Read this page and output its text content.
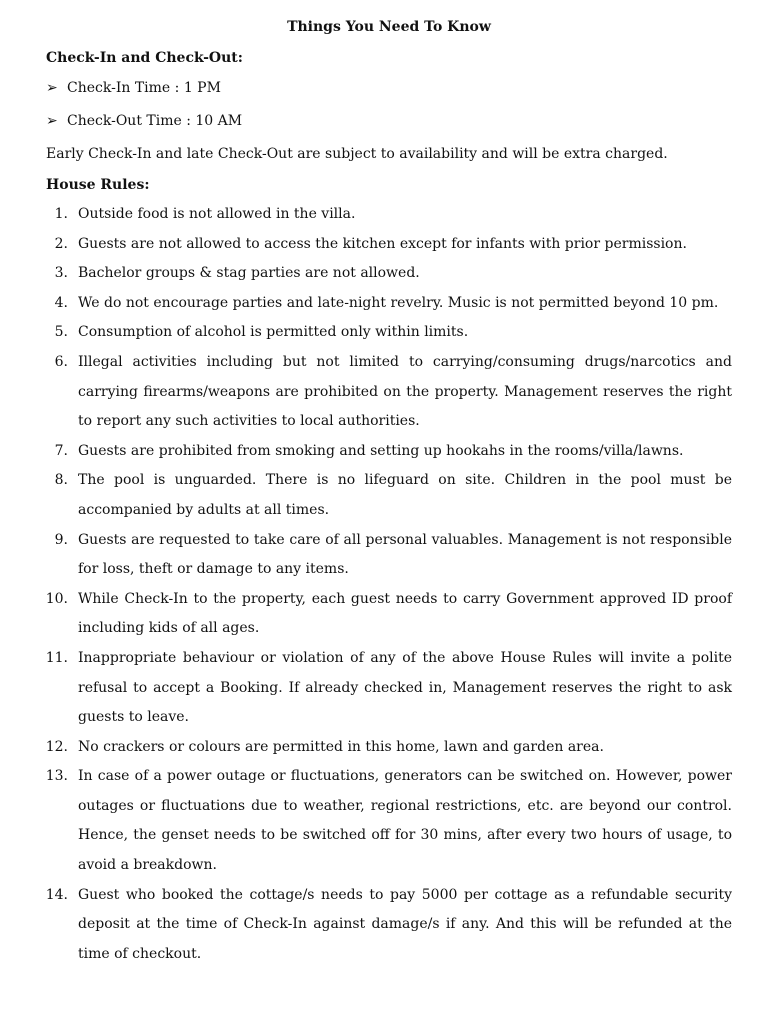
Things You Need To Know
Check-In and Check-Out:
➢ Check-In Time : 1 PM
➢ Check-Out Time : 10 AM
Early Check-In and late Check-Out are subject to availability and will be extra charged.
House Rules:
1. Outside food is not allowed in the villa.
2. Guests are not allowed to access the kitchen except for infants with prior permission.
3. Bachelor groups & stag parties are not allowed.
4. We do not encourage parties and late-night revelry. Music is not permitted beyond 10 pm.
5. Consumption of alcohol is permitted only within limits.
6. Illegal activities including but not limited to carrying/consuming drugs/narcotics and carrying firearms/weapons are prohibited on the property. Management reserves the right to report any such activities to local authorities.
7. Guests are prohibited from smoking and setting up hookahs in the rooms/villa/lawns.
8. The pool is unguarded. There is no lifeguard on site. Children in the pool must be accompanied by adults at all times.
9. Guests are requested to take care of all personal valuables. Management is not responsible for loss, theft or damage to any items.
10. While Check-In to the property, each guest needs to carry Government approved ID proof including kids of all ages.
11. Inappropriate behaviour or violation of any of the above House Rules will invite a polite refusal to accept a Booking. If already checked in, Management reserves the right to ask guests to leave.
12. No crackers or colours are permitted in this home, lawn and garden area.
13. In case of a power outage or fluctuations, generators can be switched on. However, power outages or fluctuations due to weather, regional restrictions, etc. are beyond our control. Hence, the genset needs to be switched off for 30 mins, after every two hours of usage, to avoid a breakdown.
14. Guest who booked the cottage/s needs to pay 5000 per cottage as a refundable security deposit at the time of Check-In against damage/s if any. And this will be refunded at the time of checkout.
